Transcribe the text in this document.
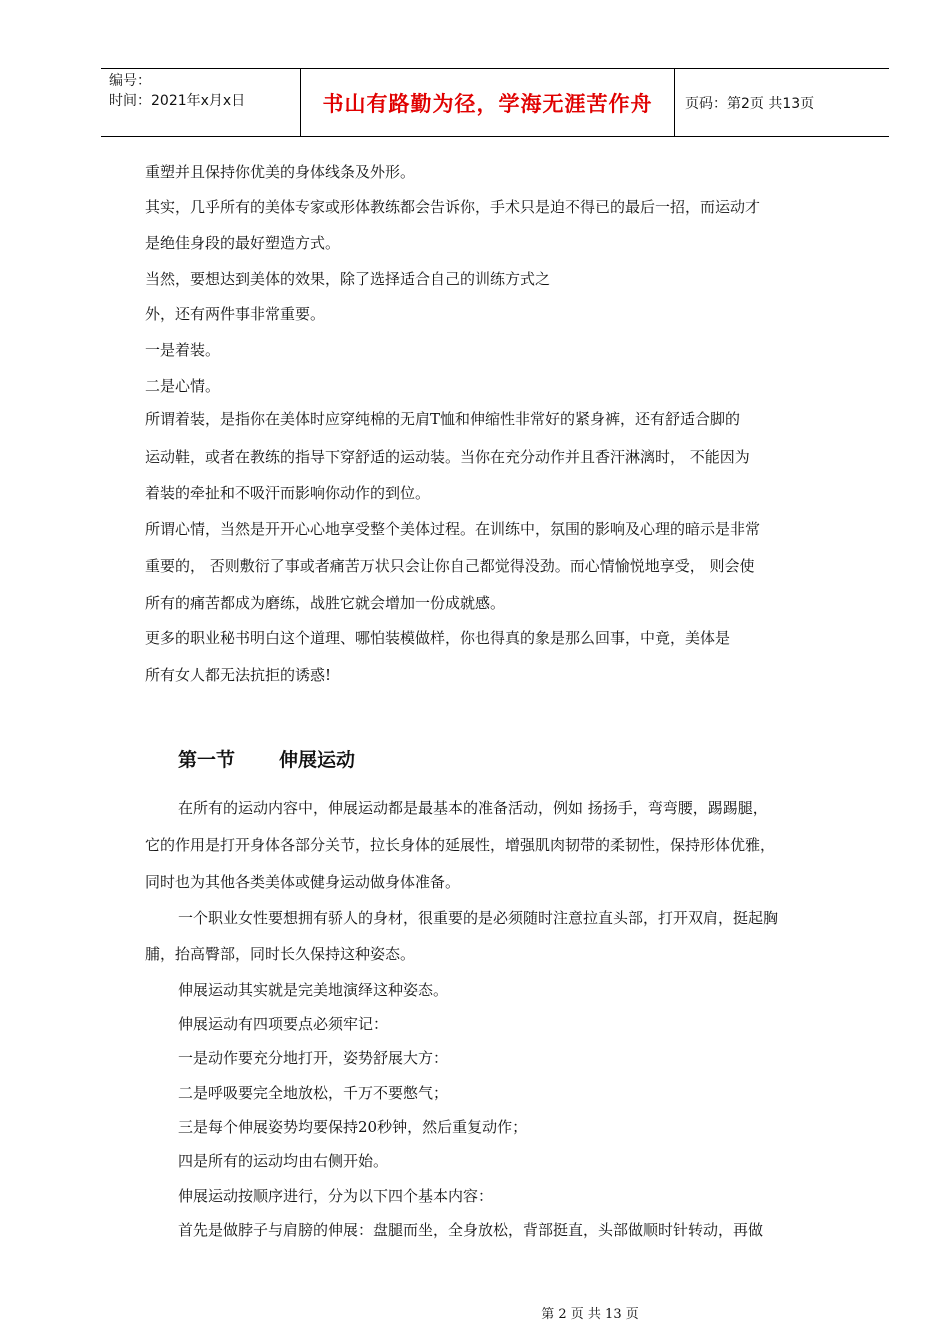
编号：
时间：2021年x月x日	书山有路勤为径，学海无涯苦作舟 页码：第2页 共13页
重塑并且保持你优美的身体线条及外形。
其实，几乎所有的美体专家或形体教练都会告诉你，手术只是迫不得已的最后一招，而运动才
是绝佳身段的最好塑造方式。
当然，要想达到美体的效果，除了选择适合自己的训练方式之
外，还有两件事非常重要。
一是着装。
二是心情。
所谓着装，是指你在美体时应穿纯棉的无肩T恤和伸缩性非常好的紧身裤，还有舒适合脚的
运动鞋，或者在教练的指导下穿舒适的运动装。当你在充分动作并且香汗淋漓时， 不能因为
着装的牵扯和不吸汗而影响你动作的到位。
所谓心情，当然是开开心心地享受整个美体过程。在训练中，氛围的影响及心理的暗示是非常
重要的， 否则敷衍了事或者痛苦万状只会让你自己都觉得没劲。而心情愉悦地享受， 则会使
所有的痛苦都成为磨练，战胜它就会增加一份成就感。
更多的职业秘书明白这个道理、哪怕装模做样，你也得真的象是那么回事，中竟，美体是
所有女人都无法抗拒的诱惑!
第一节 伸展运动
在所有的运动内容中，伸展运动都是最基本的准备活动，例如 扬扬手，弯弯腰，踢踢腿，
它的作用是打开身体各部分关节，拉长身体的延展性，增强肌肉韧带的柔韧性，保持形体优雅，
同时也为其他各类美体或健身运动做身体准备。
一个职业女性要想拥有骄人的身材，很重要的是必须随时注意拉直头部，打开双肩，挺起胸
脯，抬高臀部，同时长久保持这种姿态。
伸展运动其实就是完美地演绎这种姿态。
伸展运动有四项要点必须牢记：
一是动作要充分地打开，姿势舒展大方：
二是呼吸要完全地放松，千万不要憋气；
三是每个伸展姿势均要保持20秒钟，然后重复动作；
四是所有的运动均由右侧开始。
伸展运动按顺序进行，分为以下四个基本内容：
首先是做脖子与肩膀的伸展：盘腿而坐，全身放松，背部挺直，头部做顺时针转动，再做
第 2 页 共 13 页
